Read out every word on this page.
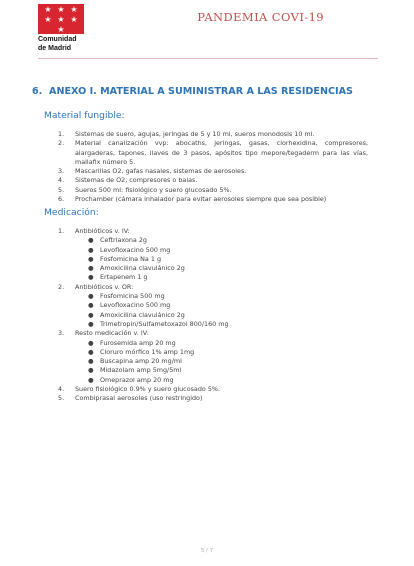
★ ★ ★
★ ★ ★
★
Comunidad
de Madrid
PANDEMIA COVI-19
6. ANEXO I. MATERIAL A SUMINISTRAR A LAS RESIDENCIAS
Material fungible:
1.	Sistemas de suero, agujas, jeringas de 5 y 10 ml, sueros monodosis 10 ml.
2.	Material canalización vvp: abocaths, jeringas, gasas, clorhexidina, compresores, alargaderas, tapones, llaves de 3 pasos, apósitos tipo mepore/tegaderm para las vías, mallafix número 5.
3.	Mascarillas O2, gafas nasales, sistemas de aerosoles.
4.	Sistemas de O2, compresores o balas.
5.	Sueros 500 ml: fisiológico y suero glucosado 5%.
6.	Prochamber (cámara inhalador para evitar aerosoles siempre que sea posible)
Medicación:
1.	Antibióticos v. IV:
●	Ceftriaxona 2g
●	Levofloxacino 500 mg
●	Fosfomicina Na 1 g
●	Amoxicilina clavulánico 2g
●	Ertapenem 1 g
2.	Antibióticos v. OR:
●	Fosfomicina 500 mg
●	Levofloxacino 500 mg
●	Amoxicilina clavulánico 2g
●	Trimetropin/Sulfametoxazol 800/160 mg
3.	Resto medicación v. IV:
●	Furosemida amp 20 mg
●	Cloruro mórfico 1% amp 1mg
●	Buscapina amp 20 mg/ml
●	Midazolam amp 5mg/5ml
●	Omeprazol amp 20 mg
4.	Suero fisiológico 0.9% y suero glucosado 5%.
5.	Combiprasal aerosoles (uso restringido)
5 / 7
